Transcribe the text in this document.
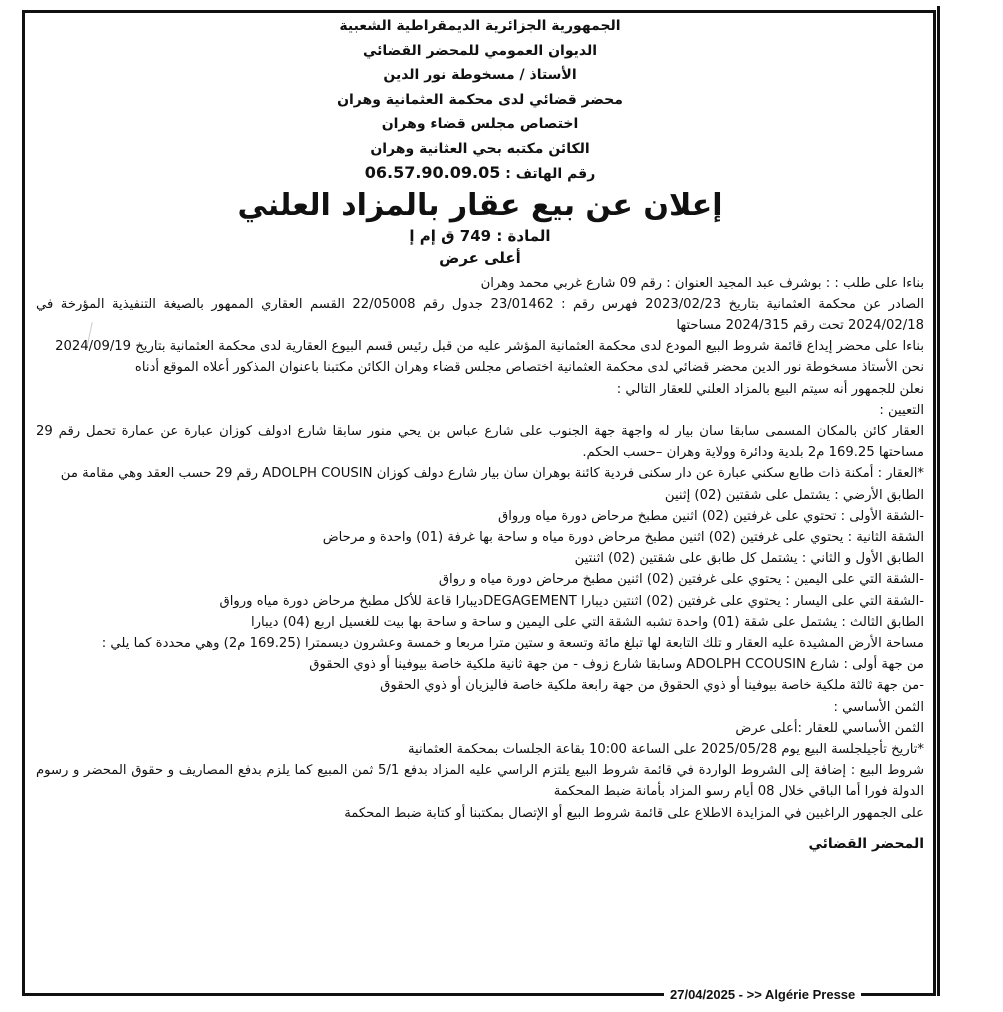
الجمهورية الجزائرية الديمقراطية الشعبية
الديوان العمومي للمحضر القضائي
الأستاذ / مسخوطة نور الدين
محضر قضائي لدى محكمة العثمانية وهران
اختصاص مجلس قضاء وهران
الكائن مكتبه بحي العثانية وهران
رقم الهاتف : 06.57.90.09.05
إعلان عن بيع عقار بالمزاد العلني
المادة : 749 ق إم إ
أعلى عرض

بناءا على طلب : : بوشرف عبد المجيد العنوان : رقم 09 شارع غربي محمد وهران

الصادر عن محكمة العثمانية بتاريخ 2023/02/23 فهرس رقم : 23/01462 جدول رقم 22/05008 القسم العقاري الممهور بالصيغة التنفيذية المؤرخة في 2024/02/18 تحت رقم 2024/315 مساحتها

بناءا على محضر إيداع قائمة شروط البيع المودع لدى محكمة العثمانية المؤشر عليه من قبل رئيس قسم البيوع العقارية لدى محكمة العثمانية بتاريخ 2024/09/19

نحن الأستاذ مسخوطة نور الدين محضر قضائي لدى محكمة العثمانية اختصاص مجلس قضاء وهران الكائن مكتبنا باعنوان المذكور أعلاه الموقع أدناه

نعلن للجمهور أنه سيتم البيع بالمزاد العلني للعقار التالي :

التعيين :

العقار كائن بالمكان المسمى سابقا سان بيار له واجهة جهة الجنوب على شارع عباس بن يحي منور سابقا شارع ادولف كوزان عبارة عن عمارة تحمل رقم 29 مساحتها 169.25 م2 بلدية ودائرة وولاية وهران –حسب الحكم.

*العقار : أمكنة ذات طابع سكني عبارة عن دار سكنى فردية كائنة بوهران سان بيار شارع دولف كوزان ADOLPH COUSIN رقم 29 حسب العقد وهي مقامة من

الطابق الأرضي : يشتمل على شقتين (02) إثنين

-الشقة الأولى : تحتوي على غرفتين (02) اثنين مطبخ مرحاض دورة مياه ورواق

الشقة الثانية : يحتوي على غرفتين (02) اثنين مطبخ مرحاض دورة مياه و ساحة بها غرفة (01) واحدة و مرحاض

الطابق الأول و الثاني : يشتمل كل طابق على شقتين (02) اثنتين

-الشقة التي على اليمين : يحتوي على غرفتين (02) اثنين مطبخ مرحاض دورة مياه و رواق

-الشقة التي على اليسار : يحتوي على غرفتين (02) اثنتين ديبارا DEGAGEMENTديبارا قاعة للأكل مطبخ مرحاض دورة مياه ورواق

الطابق الثالث : يشتمل على شقة (01) واحدة تشبه الشقة التي على اليمين و ساحة و ساحة بها بيت للغسيل اربع (04) ديبارا

مساحة الأرض المشيدة عليه العقار و تلك التابعة لها تبلغ مائة وتسعة و ستين مترا مربعا و خمسة وعشرون ديسمترا (169.25 م2) وهي محددة كما يلي :

من جهة أولى : شارع ADOLPH CCOUSIN وسابقا شارع زوف - من جهة ثانية ملكية خاصة بيوفينا أو ذوي الحقوق

-من جهة ثالثة ملكية خاصة بيوفينا أو ذوي الحقوق من جهة رابعة ملكية خاصة فاليزيان أو ذوي الحقوق

الثمن الأساسي :

الثمن الأساسي للعقار :أعلى عرض

*تاريخ تأجيلجلسة البيع يوم 2025/05/28 على الساعة 10:00 بقاعة الجلسات بمحكمة العثمانية

شروط البيع : إضافة إلى الشروط الواردة في قائمة شروط البيع يلتزم الراسي عليه المزاد بدفع 5/1 ثمن المبيع كما يلزم بدفع المصاريف و حقوق المحضر و رسوم الدولة فورا أما الباقي خلال 08 أيام رسو المزاد بأمانة ضبط المحكمة

على الجمهور الراغبين في المزايدة الاطلاع على قائمة شروط البيع أو الإتصال بمكتبنا أو كتابة ضبط المحكمة

المحضر القضائي
27/04/2025 - >> Algérie Presse
